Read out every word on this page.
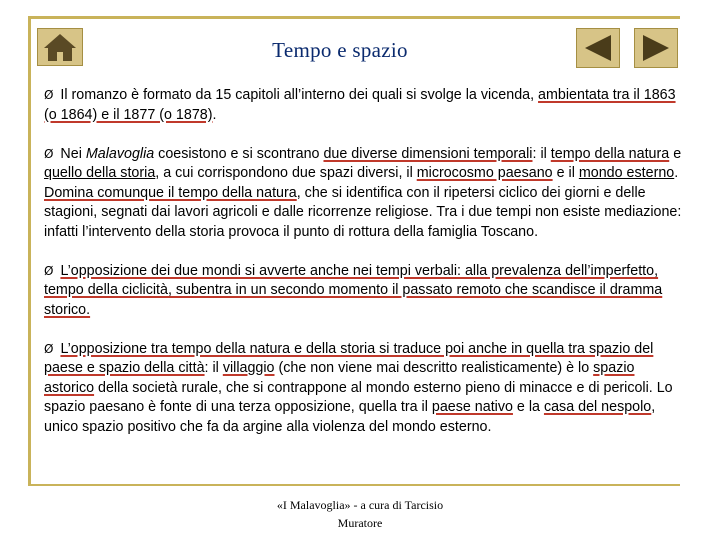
Tempo e spazio
Ø Il romanzo è formato da 15 capitoli all’interno dei quali si svolge la vicenda, ambientata tra il 1863 (o 1864) e il 1877 (o 1878).
Ø Nei Malavoglia coesistono e si scontrano due diverse dimensioni temporali: il tempo della natura e quello della storia, a cui corrispondono due spazi diversi, il microcosmo paesano e il mondo esterno. Domina comunque il tempo della natura, che si identifica con il ripetersi ciclico dei giorni e delle stagioni, segnati dai lavori agricoli e dalle ricorrenze religiose. Tra i due tempi non esiste mediazione: infatti l’intervento della storia provoca il punto di rottura della famiglia Toscano.
Ø L’opposizione dei due mondi si avverte anche nei tempi verbali: alla prevalenza dell’imperfetto, tempo della ciclicità, subentra in un secondo momento il passato remoto che scandisce il dramma storico.
Ø L’opposizione tra tempo della natura e della storia si traduce poi anche in quella tra spazio del paese e spazio della città: il villaggio (che non viene mai descritto realisticamente) è lo spazio astorico della società rurale, che si contrappone al mondo esterno pieno di minacce e di pericoli. Lo spazio paesano è fonte di una terza opposizione, quella tra il paese nativo e la casa del nespolo, unico spazio positivo che fa da argine alla violenza del mondo esterno.
«I Malavoglia» - a cura di Tarcisio
Muratore
